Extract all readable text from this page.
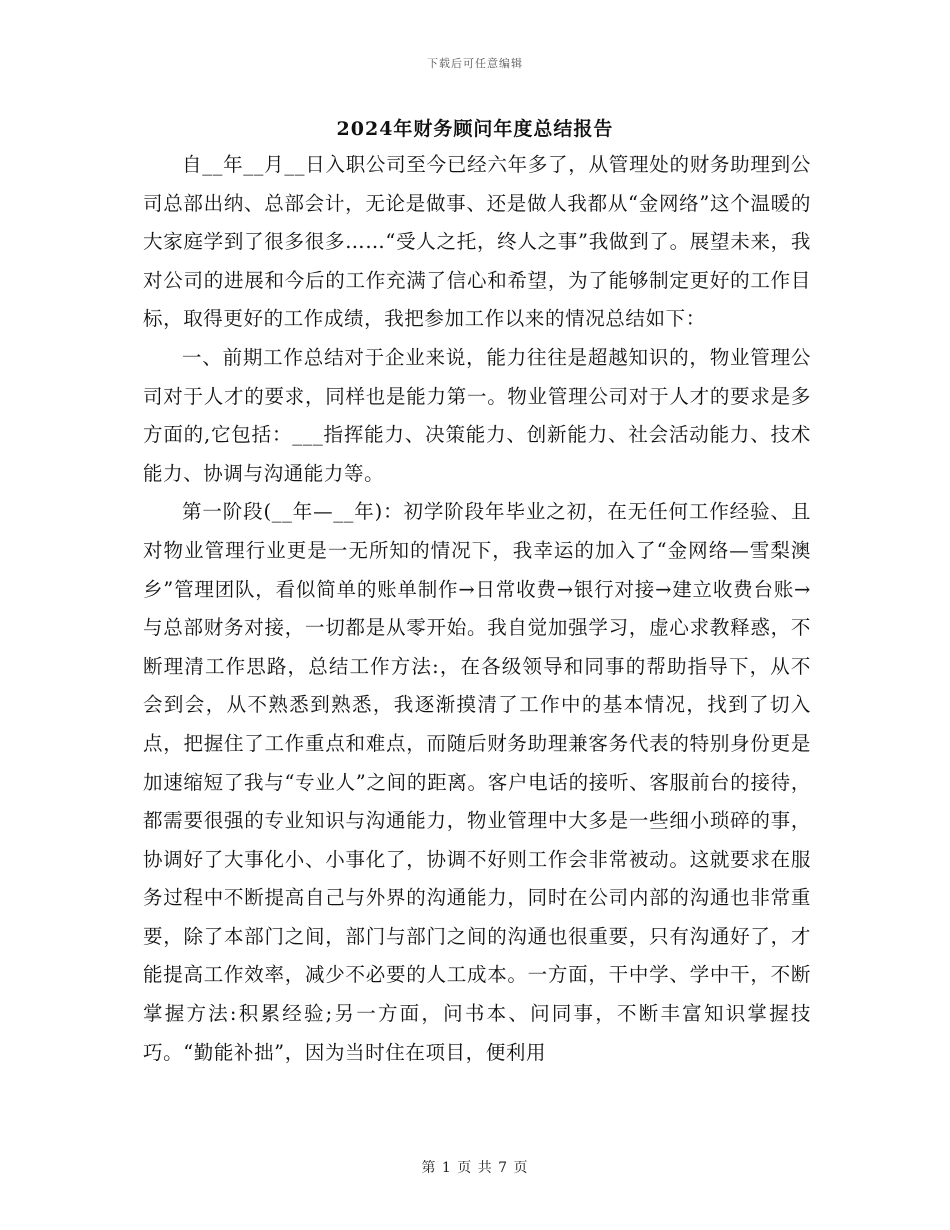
下载后可任意编辑
2024年财务顾问年度总结报告

自__年__月__日入职公司至今已经六年多了，从管理处的财务助理到公司总部出纳、总部会计，无论是做事、还是做人我都从“金网络”这个温暖的大家庭学到了很多很多……“受人之托，终人之事”我做到了。展望未来，我对公司的进展和今后的工作充满了信心和希望，为了能够制定更好的工作目标，取得更好的工作成绩，我把参加工作以来的情况总结如下：

一、前期工作总结对于企业来说，能力往往是超越知识的，物业管理公司对于人才的要求，同样也是能力第一。物业管理公司对于人才的要求是多方面的,它包括：___指挥能力、决策能力、创新能力、社会活动能力、技术能力、协调与沟通能力等。

第一阶段(__年—__年)：初学阶段年毕业之初，在无任何工作经验、且对物业管理行业更是一无所知的情况下，我幸运的加入了“金网络—雪梨澳乡”管理团队，看似简单的账单制作→日常收费→银行对接→建立收费台账→与总部财务对接，一切都是从零开始。我自觉加强学习，虚心求教释惑，不断理清工作思路，总结工作方法:，在各级领导和同事的帮助指导下，从不会到会，从不熟悉到熟悉，我逐渐摸清了工作中的基本情况，找到了切入点，把握住了工作重点和难点，而随后财务助理兼客务代表的特别身份更是加速缩短了我与“专业人”之间的距离。客户电话的接听、客服前台的接待，都需要很强的专业知识与沟通能力，物业管理中大多是一些细小琐碎的事，协调好了大事化小、小事化了，协调不好则工作会非常被动。这就要求在服务过程中不断提高自己与外界的沟通能力，同时在公司内部的沟通也非常重要，除了本部门之间，部门与部门之间的沟通也很重要，只有沟通好了，才能提高工作效率，减少不必要的人工成本。一方面，干中学、学中干，不断掌握方法:积累经验;另一方面，问书本、问同事，不断丰富知识掌握技巧。“勤能补拙”，因为当时住在项目，便利用

第 1 页 共 7 页
